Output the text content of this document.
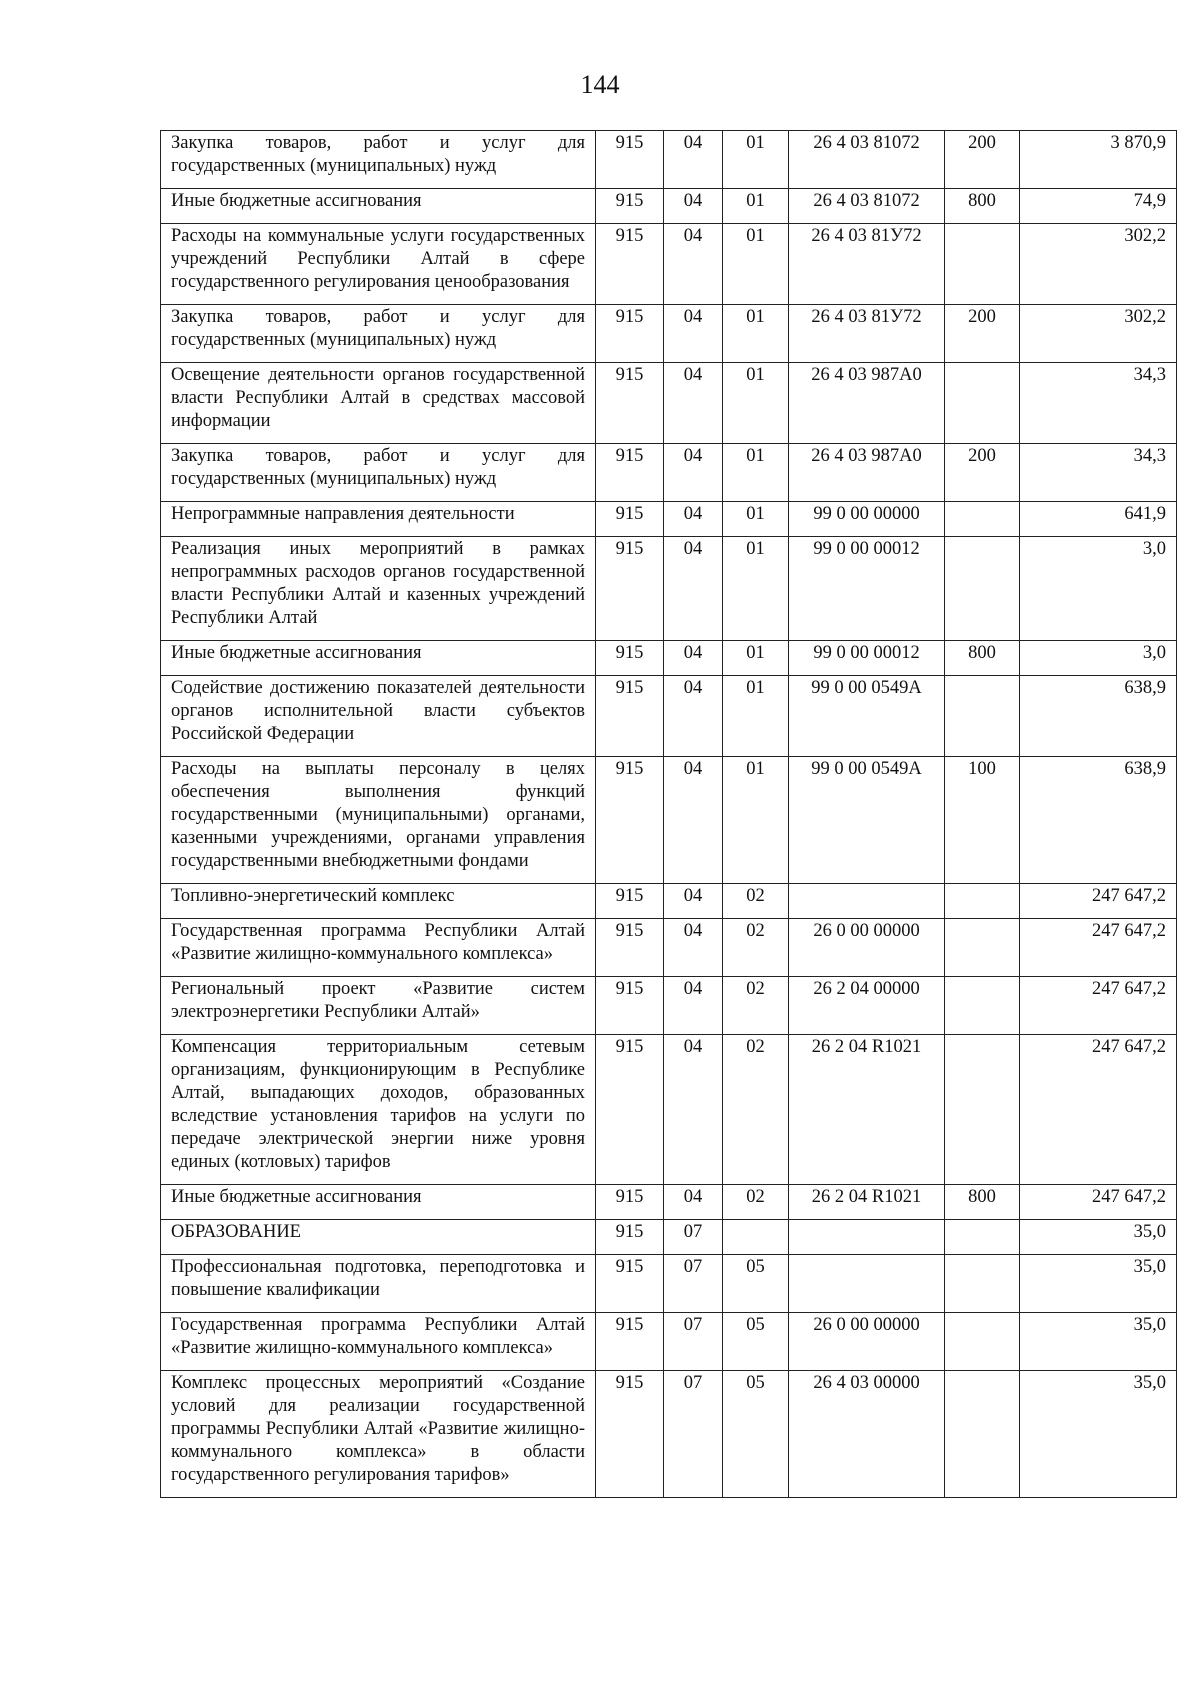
144
Закупка товаров, работ и услуг для государственных (муниципальных) нужд	915	04	01	26 4 03 81072	200	3 870,9
Иные бюджетные ассигнования	915	04	01	26 4 03 81072	800	74,9
Расходы на коммунальные услуги государственных учреждений Республики Алтай в сфере государственного регулирования ценообразования	915	04	01	26 4 03 81У72		302,2
Закупка товаров, работ и услуг для государственных (муниципальных) нужд	915	04	01	26 4 03 81У72	200	302,2
Освещение деятельности органов государственной власти Республики Алтай в средствах массовой информации	915	04	01	26 4 03 987А0		34,3
Закупка товаров, работ и услуг для государственных (муниципальных) нужд	915	04	01	26 4 03 987А0	200	34,3
Непрограммные направления деятельности	915	04	01	99 0 00 00000		641,9
Реализация иных мероприятий в рамках непрограммных расходов органов государственной власти Республики Алтай и казенных учреждений Республики Алтай	915	04	01	99 0 00 00012		3,0
Иные бюджетные ассигнования	915	04	01	99 0 00 00012	800	3,0
Содействие достижению показателей деятельности органов исполнительной власти субъектов Российской Федерации	915	04	01	99 0 00 0549А		638,9
Расходы на выплаты персоналу в целях обеспечения выполнения функций государственными (муниципальными) органами, казенными учреждениями, органами управления государственными внебюджетными фондами	915	04	01	99 0 00 0549А	100	638,9
Топливно-энергетический комплекс	915	04	02			247 647,2
Государственная программа Республики Алтай «Развитие жилищно-коммунального комплекса»	915	04	02	26 0 00 00000		247 647,2
Региональный проект «Развитие систем электроэнергетики Республики Алтай»	915	04	02	26 2 04 00000		247 647,2
Компенсация территориальным сетевым организациям, функционирующим в Республике Алтай, выпадающих доходов, образованных вследствие установления тарифов на услуги по передаче электрической энергии ниже уровня единых (котловых) тарифов	915	04	02	26 2 04 R1021		247 647,2
Иные бюджетные ассигнования	915	04	02	26 2 04 R1021	800	247 647,2
ОБРАЗОВАНИЕ	915	07				35,0
Профессиональная подготовка, переподготовка и повышение квалификации	915	07	05			35,0
Государственная программа Республики Алтай «Развитие жилищно-коммунального комплекса»	915	07	05	26 0 00 00000		35,0
Комплекс процессных мероприятий «Создание условий для реализации государственной программы Республики Алтай «Развитие жилищно-коммунального комплекса» в области государственного регулирования тарифов»	915	07	05	26 4 03 00000		35,0
